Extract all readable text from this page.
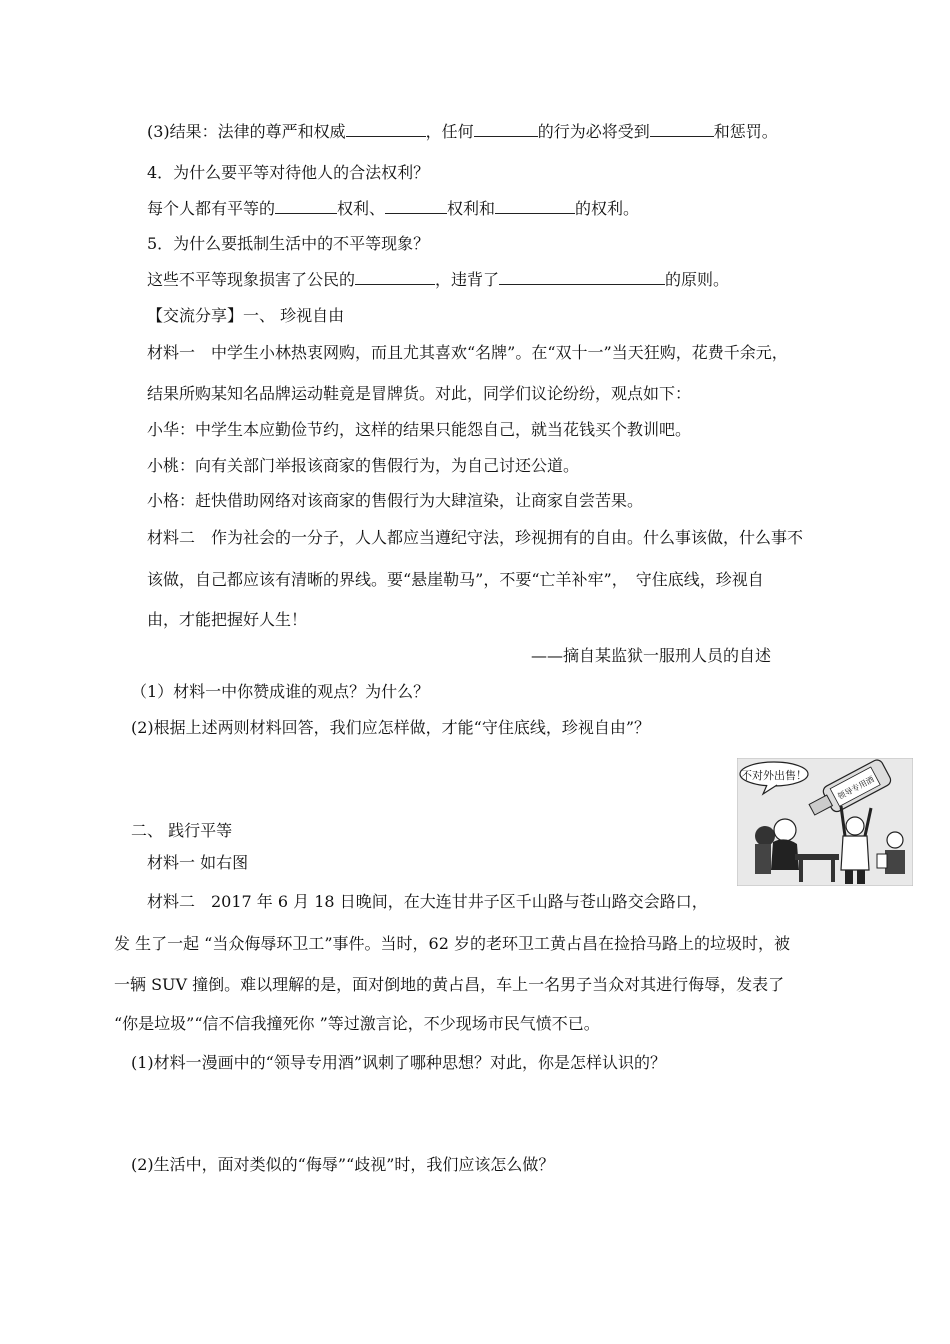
(3)结果：法律的尊严和权威	，任何	的行为必将受到	和惩罚。
4．为什么要平等对待他人的合法权利？
每个人都有平等的	权利、	权利和	的权利。
5．为什么要抵制生活中的不平等现象？
这些不平等现象损害了公民的	，违背了	的原则。
【交流分享】一、 珍视自由
材料一　中学生小林热衷网购，而且尤其喜欢“名牌”。在“双十一”当天狂购，花费千余元，
结果所购某知名品牌运动鞋竟是冒牌货。对此，同学们议论纷纷，观点如下：
小华：中学生本应勤俭节约，这样的结果只能怨自己，就当花钱买个教训吧。
小桃：向有关部门举报该商家的售假行为，为自己讨还公道。
小格：赶快借助网络对该商家的售假行为大肆渲染，让商家自尝苦果。
材料二　作为社会的一分子，人人都应当遵纪守法，珍视拥有的自由。什么事该做，什么事不
该做，自己都应该有清晰的界线。要“悬崖勒马”，不要“亡羊补牢”，　守住底线，珍视自
由，才能把握好人生！
——摘自某监狱一服刑人员的自述
（1）材料一中你赞成谁的观点？为什么？
(2)根据上述两则材料回答，我们应怎样做，才能“守住底线，珍视自由”？
二、 践行平等
材料一 如右图
材料二　2017 年 6 月 18 日晚间，在大连甘井子区千山路与苍山路交会路口，
发 生了一起 “当众侮辱环卫工”事件。当时，62 岁的老环卫工黄占昌在捡拾马路上的垃圾时，被
一辆 SUV 撞倒。难以理解的是，面对倒地的黄占昌，车上一名男子当众对其进行侮辱，发表了
“你是垃圾”“信不信我撞死你 ”等过激言论，不少现场市民气愤不已。
(1)材料一漫画中的“领导专用酒”讽刺了哪种思想？对此，你是怎样认识的？
(2)生活中，面对类似的“侮辱”“歧视”时，我们应该怎么做？
不对外出售！	领导专用酒
